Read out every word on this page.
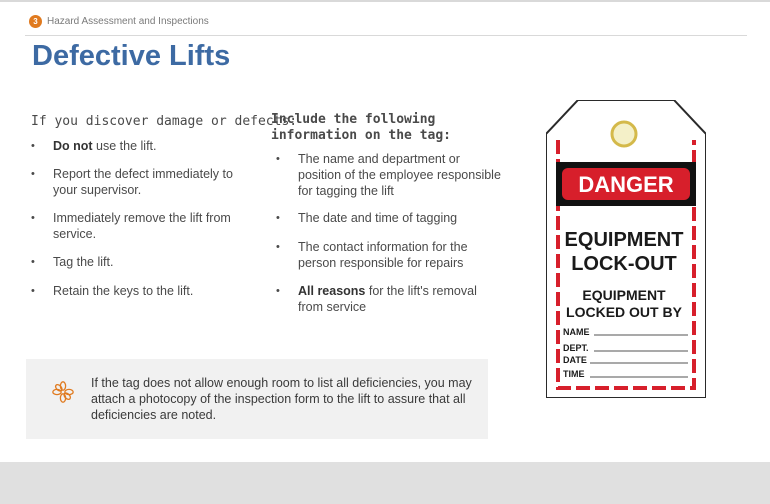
3 Hazard Assessment and Inspections
Defective Lifts
If you discover damage or defects:
• Do not use the lift.
• Report the defect immediately to your supervisor.
• Immediately remove the lift from service.
• Tag the lift.
• Retain the keys to the lift.
Include the following information on the tag:
• The name and department or position of the employee responsible for tagging the lift
• The date and time of tagging
• The contact information for the person responsible for repairs
• All reasons for the lift's removal from service
If the tag does not allow enough room to list all deficiencies, you may attach a photocopy of the inspection form to the lift to assure that all deficiencies are noted.
DANGER
EQUIPMENT
LOCK-OUT
EQUIPMENT
LOCKED OUT BY
NAME
DEPT.
DATE
TIME
